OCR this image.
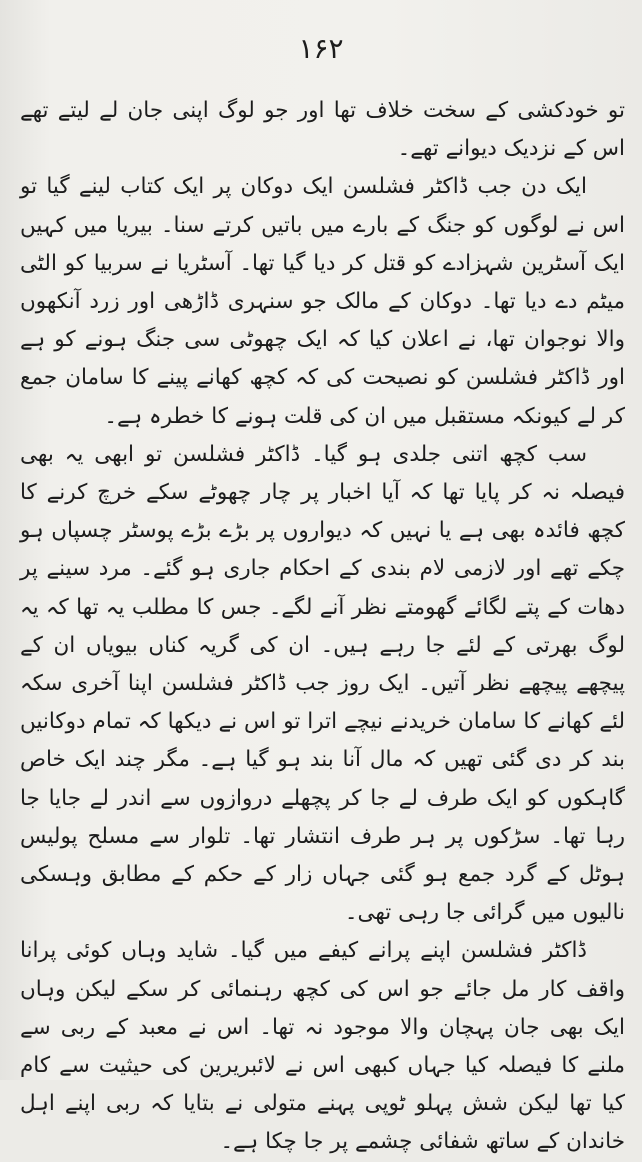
۱۶۲

تو خودکشی کے سخت خلاف تھا اور جو لوگ اپنی جان لے لیتے تھے اس کے نزدیک دیوانے تھے۔

ایک دن جب ڈاکٹر فشلسن ایک دوکان پر ایک کتاب لینے گیا تو اس نے لوگوں کو جنگ کے بارے میں باتیں کرتے سنا۔ بیریا میں کہیں ایک آسٹرین شہزادے کو قتل کر دیا گیا تھا۔ آسٹریا نے سربیا کو الٹی میٹم دے دیا تھا۔ دوکان کے مالک جو سنہری ڈاڑھی اور زرد آنکھوں والا نوجوان تھا، نے اعلان کیا کہ ایک چھوٹی سی جنگ ہونے کو ہے اور ڈاکٹر فشلسن کو نصیحت کی کہ کچھ کھانے پینے کا سامان جمع کر لے کیونکہ مستقبل میں ان کی قلت ہونے کا خطرہ ہے۔

سب کچھ اتنی جلدی ہو گیا۔ ڈاکٹر فشلسن تو ابھی یہ بھی فیصلہ نہ کر پایا تھا کہ آیا اخبار پر چار چھوٹے سکے خرچ کرنے کا کچھ فائدہ بھی ہے یا نہیں کہ دیواروں پر بڑے بڑے پوسٹر چسپاں ہو چکے تھے اور لازمی لام بندی کے احکام جاری ہو گئے۔ مرد سینے پر دھات کے پتے لگائے گھومتے نظر آنے لگے۔ جس کا مطلب یہ تھا کہ یہ لوگ بھرتی کے لئے جا رہے ہیں۔ ان کی گریہ کناں بیویاں ان کے پیچھے پیچھے نظر آتیں۔ ایک روز جب ڈاکٹر فشلسن اپنا آخری سکہ لئے کھانے کا سامان خریدنے نیچے اترا تو اس نے دیکھا کہ تمام دوکانیں بند کر دی گئی تھیں کہ مال آنا بند ہو گیا ہے۔ مگر چند ایک خاص گاہکوں کو ایک طرف لے جا کر پچھلے دروازوں سے اندر لے جایا جا رہا تھا۔ سڑکوں پر ہر طرف انتشار تھا۔ تلوار سے مسلح پولیس ہوٹل کے گرد جمع ہو گئی جہاں زار کے حکم کے مطابق وہسکی نالیوں میں گرائی جا رہی تھی۔

ڈاکٹر فشلسن اپنے پرانے کیفے میں گیا۔ شاید وہاں کوئی پرانا واقف کار مل جائے جو اس کی کچھ رہنمائی کر سکے لیکن وہاں ایک بھی جان پہچان والا موجود نہ تھا۔ اس نے معبد کے ربی سے ملنے کا فیصلہ کیا جہاں کبھی اس نے لائبریرین کی حیثیت سے کام کیا تھا لیکن شش پہلو ٹوپی پہنے متولی نے بتایا کہ ربی اپنے اہل خاندان کے ساتھ شفائی چشمے پر جا چکا ہے۔
